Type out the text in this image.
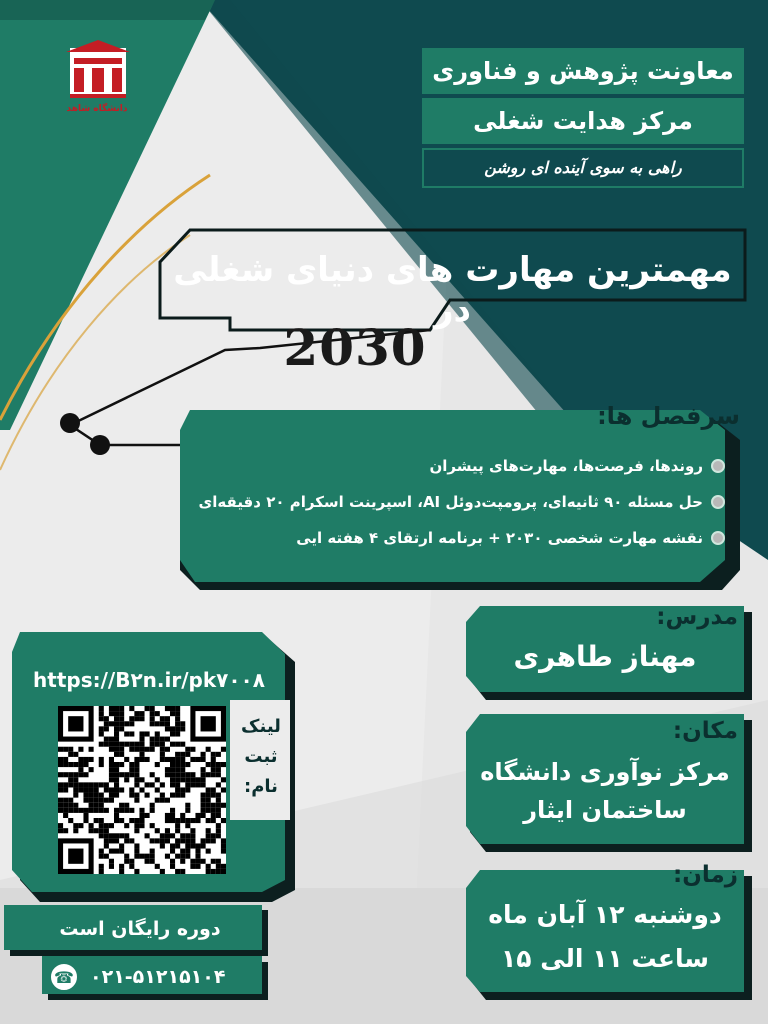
دانشگاه شاهد
معاونت پژوهش و فناوری
مرکز هدایت شغلی
راهی به سوی آینده ای روشن
مهمترین مهارت های دنیای شغلی در
2030
سرفصل ها:
روندها، فرصت‌ها، مهارت‌های پیشران
حل مسئله ۹۰ ثانیه‌ای، پرومپت‌دوئل AI، اسپرینت اسکرام ۲۰ دقیقه‌ای
نقشه مهارت شخصی ۲۰۳۰ + برنامه ارتقای ۴ هفته ایی
مدرس:
مهناز طاهری
مکان:
مرکز نوآوری دانشگاه
ساختمان ایثار
زمان:
دوشنبه ۱۲ آبان ماه
ساعت ۱۱ الی ۱۵
https://B۲n.ir/pk۷۰۰۸
لینک ثبت نام:
دوره رایگان است
☎ ۰۲۱-۵۱۲۱۵۱۰۴
